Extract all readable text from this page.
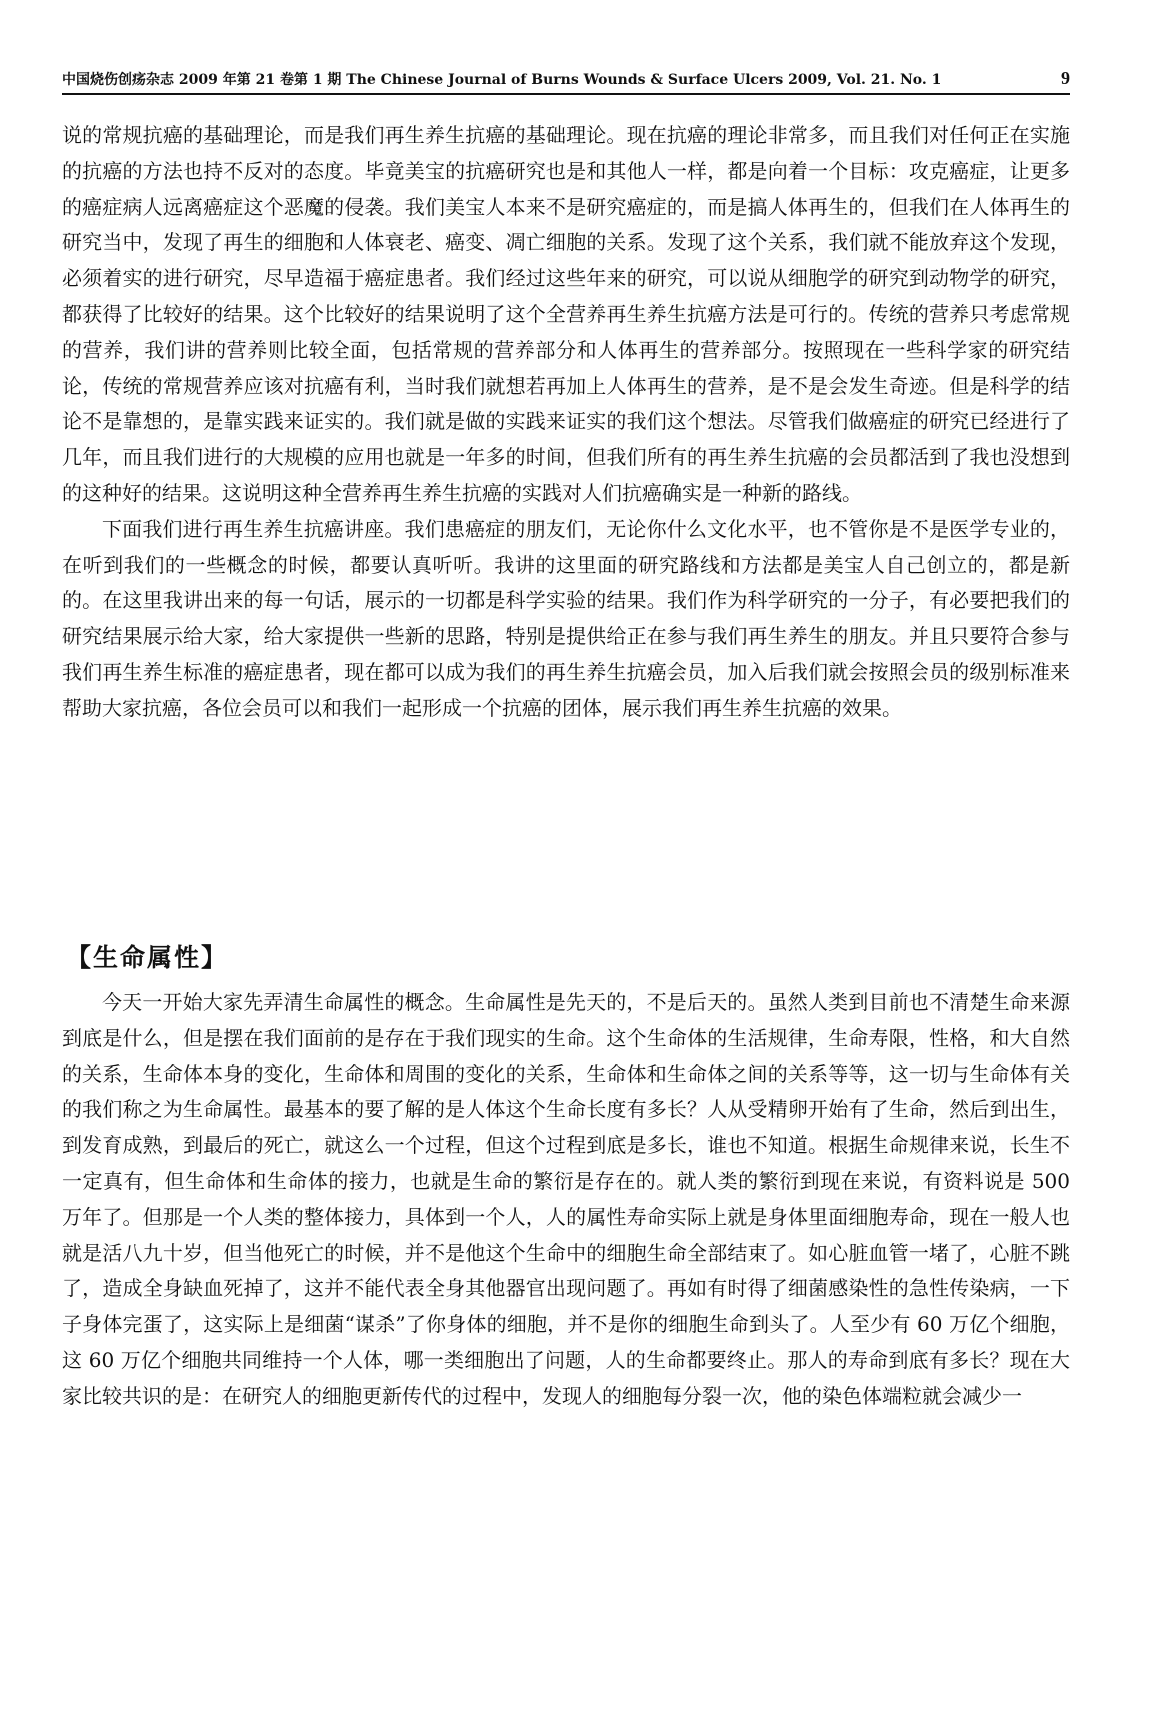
中国烧伤创疡杂志 2009 年第 21 卷第 1 期 The Chinese Journal of Burns Wounds & Surface Ulcers 2009, Vol. 21. No. 1	9

说的常规抗癌的基础理论，而是我们再生养生抗癌的基础理论。现在抗癌的理论非常多，而且我们对任何正在实施的抗癌的方法也持不反对的态度。毕竟美宝的抗癌研究也是和其他人一样，都是向着一个目标：攻克癌症，让更多的癌症病人远离癌症这个恶魔的侵袭。我们美宝人本来不是研究癌症的，而是搞人体再生的，但我们在人体再生的研究当中，发现了再生的细胞和人体衰老、癌变、凋亡细胞的关系。发现了这个关系，我们就不能放弃这个发现，必须着实的进行研究，尽早造福于癌症患者。我们经过这些年来的研究，可以说从细胞学的研究到动物学的研究，都获得了比较好的结果。这个比较好的结果说明了这个全营养再生养生抗癌方法是可行的。传统的营养只考虑常规的营养，我们讲的营养则比较全面，包括常规的营养部分和人体再生的营养部分。按照现在一些科学家的研究结论，传统的常规营养应该对抗癌有利，当时我们就想若再加上人体再生的营养，是不是会发生奇迹。但是科学的结论不是靠想的，是靠实践来证实的。我们就是做的实践来证实的我们这个想法。尽管我们做癌症的研究已经进行了几年，而且我们进行的大规模的应用也就是一年多的时间，但我们所有的再生养生抗癌的会员都活到了我也没想到的这种好的结果。这说明这种全营养再生养生抗癌的实践对人们抗癌确实是一种新的路线。

下面我们进行再生养生抗癌讲座。我们患癌症的朋友们，无论你什么文化水平，也不管你是不是医学专业的，在听到我们的一些概念的时候，都要认真听听。我讲的这里面的研究路线和方法都是美宝人自己创立的，都是新的。在这里我讲出来的每一句话，展示的一切都是科学实验的结果。我们作为科学研究的一分子，有必要把我们的研究结果展示给大家，给大家提供一些新的思路，特别是提供给正在参与我们再生养生的朋友。并且只要符合参与我们再生养生标准的癌症患者，现在都可以成为我们的再生养生抗癌会员，加入后我们就会按照会员的级别标准来帮助大家抗癌，各位会员可以和我们一起形成一个抗癌的团体，展示我们再生养生抗癌的效果。

【生命属性】

今天一开始大家先弄清生命属性的概念。生命属性是先天的，不是后天的。虽然人类到目前也不清楚生命来源到底是什么，但是摆在我们面前的是存在于我们现实的生命。这个生命体的生活规律，生命寿限，性格，和大自然的关系，生命体本身的变化，生命体和周围的变化的关系，生命体和生命体之间的关系等等，这一切与生命体有关的我们称之为生命属性。最基本的要了解的是人体这个生命长度有多长？人从受精卵开始有了生命，然后到出生，到发育成熟，到最后的死亡，就这么一个过程，但这个过程到底是多长，谁也不知道。根据生命规律来说，长生不一定真有，但生命体和生命体的接力，也就是生命的繁衍是存在的。就人类的繁衍到现在来说，有资料说是 500 万年了。但那是一个人类的整体接力，具体到一个人，人的属性寿命实际上就是身体里面细胞寿命，现在一般人也就是活八九十岁，但当他死亡的时候，并不是他这个生命中的细胞生命全部结束了。如心脏血管一堵了，心脏不跳了，造成全身缺血死掉了，这并不能代表全身其他器官出现问题了。再如有时得了细菌感染性的急性传染病，一下子身体完蛋了，这实际上是细菌“谋杀”了你身体的细胞，并不是你的细胞生命到头了。人至少有 60 万亿个细胞，这 60 万亿个细胞共同维持一个人体，哪一类细胞出了问题，人的生命都要终止。那人的寿命到底有多长？现在大家比较共识的是：在研究人的细胞更新传代的过程中，发现人的细胞每分裂一次，他的染色体端粒就会减少一
